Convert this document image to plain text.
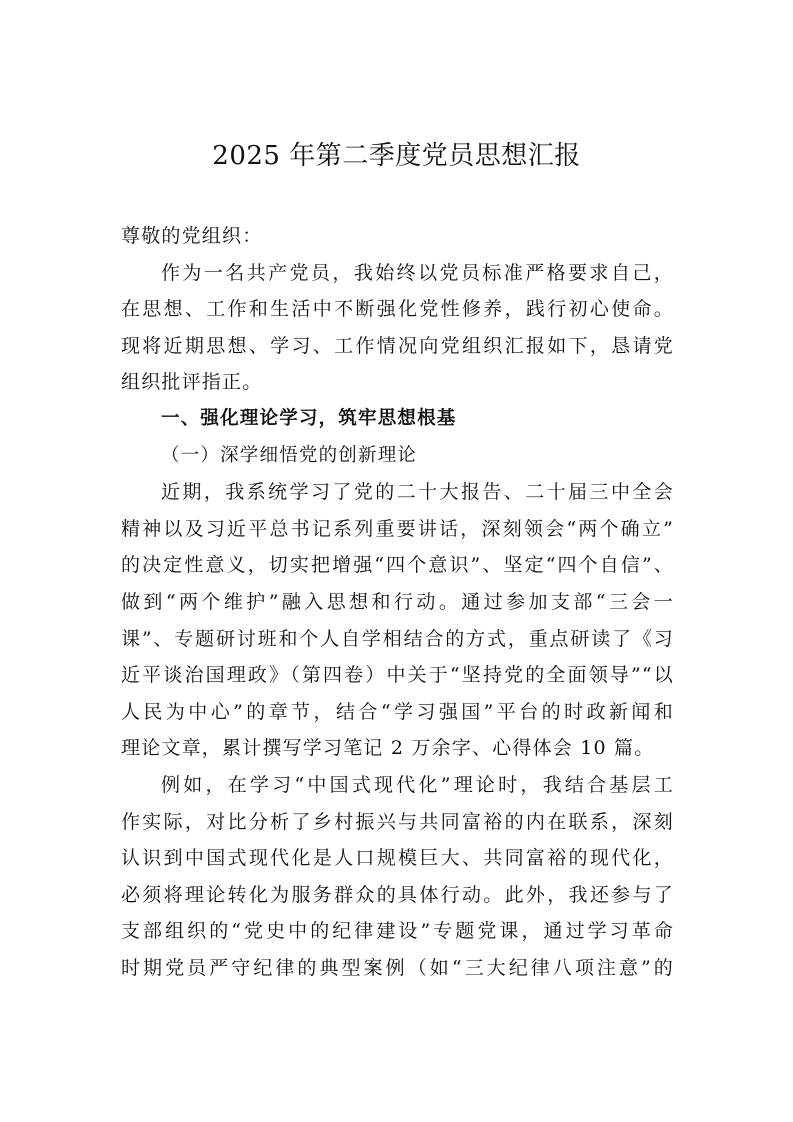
2025 年第二季度党员思想汇报
尊敬的党组织：
作为一名共产党员，我始终以党员标准严格要求自己，
在思想、工作和生活中不断强化党性修养，践行初心使命。
现将近期思想、学习、工作情况向党组织汇报如下，恳请党
组织批评指正。
一、强化理论学习，筑牢思想根基
（一）深学细悟党的创新理论
近期，我系统学习了党的二十大报告、二十届三中全会
精神以及习近平总书记系列重要讲话，深刻领会“两个确立”
的决定性意义，切实把增强“四个意识”、坚定“四个自信”、
做到“两个维护”融入思想和行动。通过参加支部“三会一
课”、专题研讨班和个人自学相结合的方式，重点研读了《习
近平谈治国理政》（第四卷）中关于“坚持党的全面领导”“以
人民为中心”的章节，结合“学习强国”平台的时政新闻和
理论文章，累计撰写学习笔记 2 万余字、心得体会 10 篇。
例如，在学习“中国式现代化”理论时，我结合基层工
作实际，对比分析了乡村振兴与共同富裕的内在联系，深刻
认识到中国式现代化是人口规模巨大、共同富裕的现代化，
必须将理论转化为服务群众的具体行动。此外，我还参与了
支部组织的“党史中的纪律建设”专题党课，通过学习革命
时期党员严守纪律的典型案例（如“三大纪律八项注意”的
